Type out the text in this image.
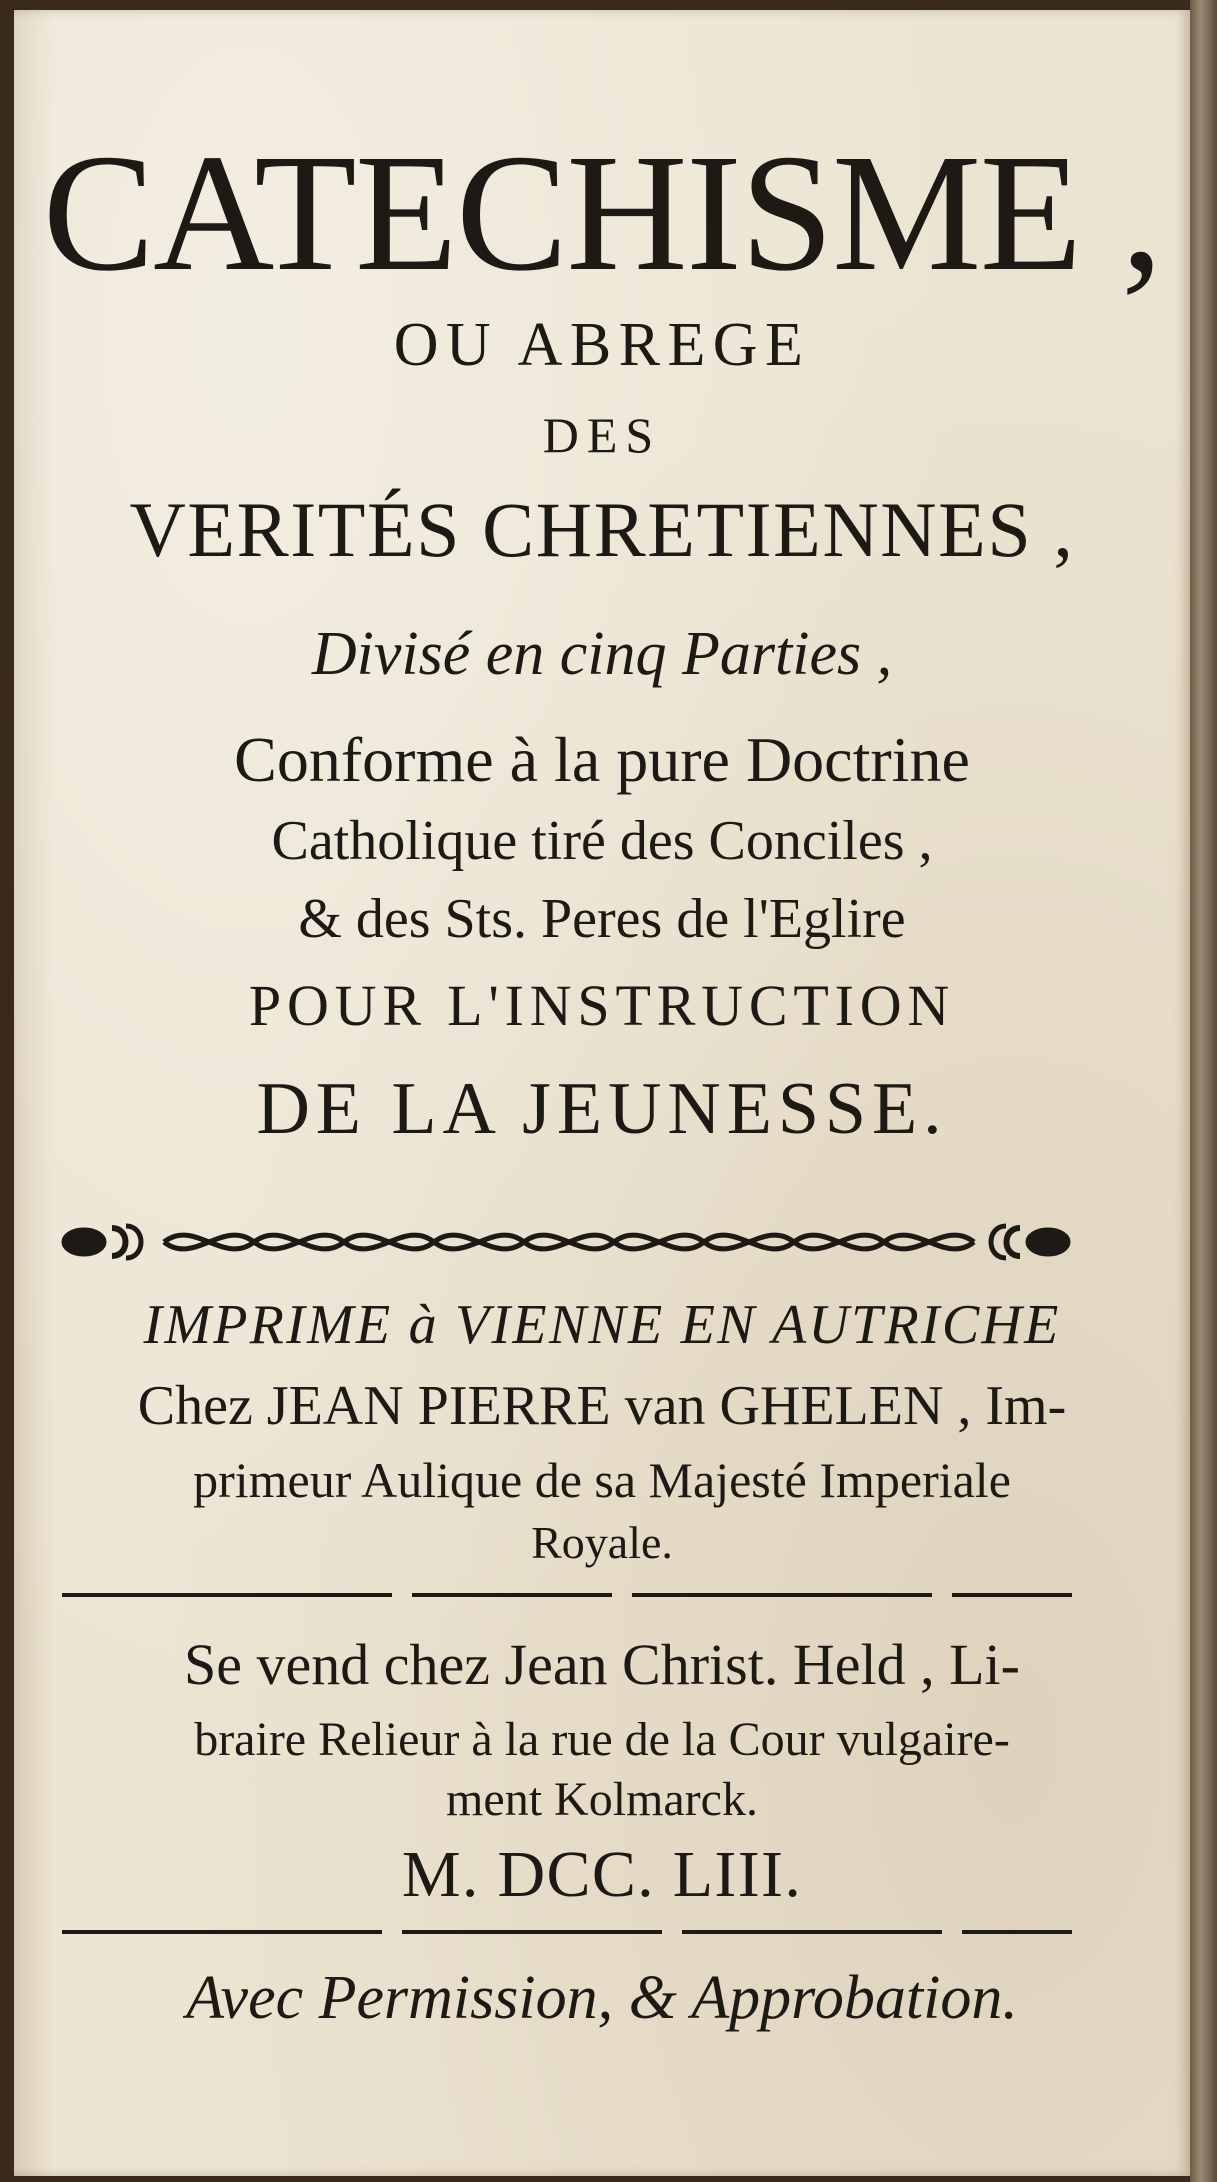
CATECHISME ,
OU ABREGE
DES
VERITÉS CHRETIENNES ,
Divisé en cinq Parties ,
Conforme à la pure Doctrine
Catholique tiré des Conciles ,
& des Sts. Peres de l'Eglire
POUR L'INSTRUCTION
DE LA JEUNESSE.
IMPRIME à VIENNE EN AUTRICHE
Chez JEAN PIERRE van GHELEN , Im-
primeur Aulique de sa Majesté Imperiale
Royale.
Se vend chez Jean Christ. Held , Li-
braire Relieur à la rue de la Cour vulgaire-
ment Kolmarck.
M. DCC. LIII.
Avec Permission, & Approbation.
